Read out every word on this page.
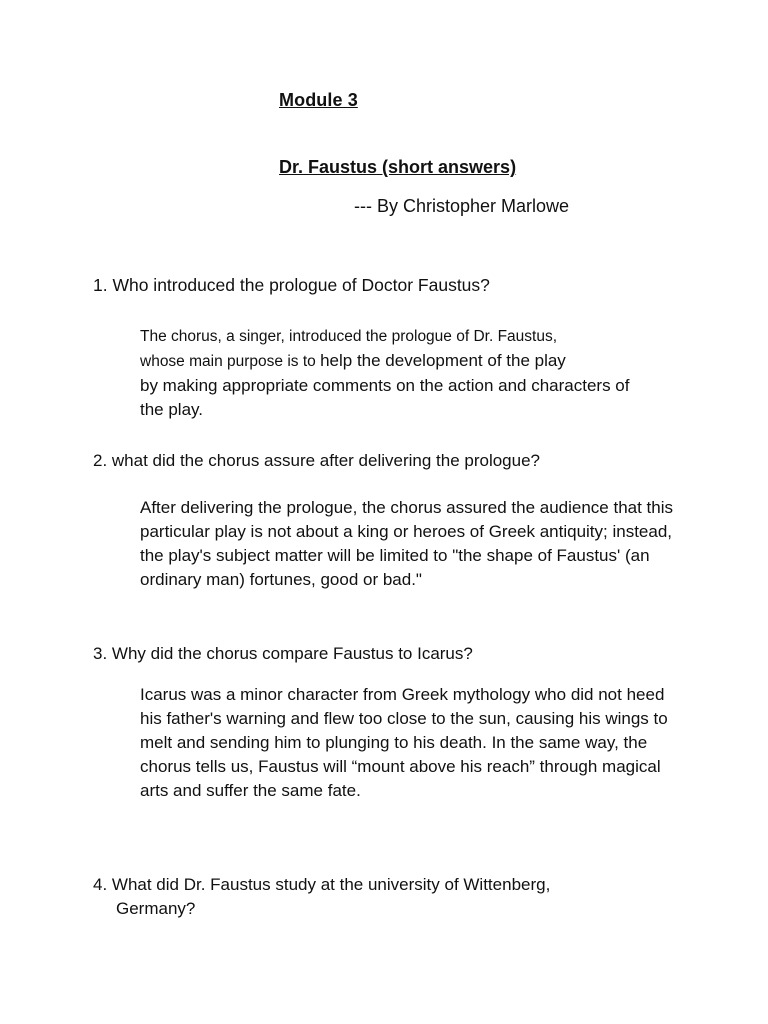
Module 3
Dr. Faustus (short answers)
--- By Christopher Marlowe
1. Who introduced the prologue of Doctor Faustus?
The chorus, a singer, introduced the prologue of Dr. Faustus,
whose main purpose is to help the development of the play
by making appropriate comments on the action and characters of the play.
2. what did the chorus assure after delivering the prologue?
After delivering the prologue, the chorus assured the audience that this particular play is not about a king or heroes of Greek antiquity; instead, the play's subject matter will be limited to "the shape of Faustus' (an ordinary man) fortunes, good or bad."
3. Why did the chorus compare Faustus to Icarus?
Icarus was a minor character from Greek mythology who did not heed his father's warning and flew too close to the sun, causing his wings to melt and sending him to plunging to his death. In the same way, the chorus tells us, Faustus will “mount above his reach” through magical arts and suffer the same fate.
4. What did Dr. Faustus study at the university of Wittenberg,
Germany?
